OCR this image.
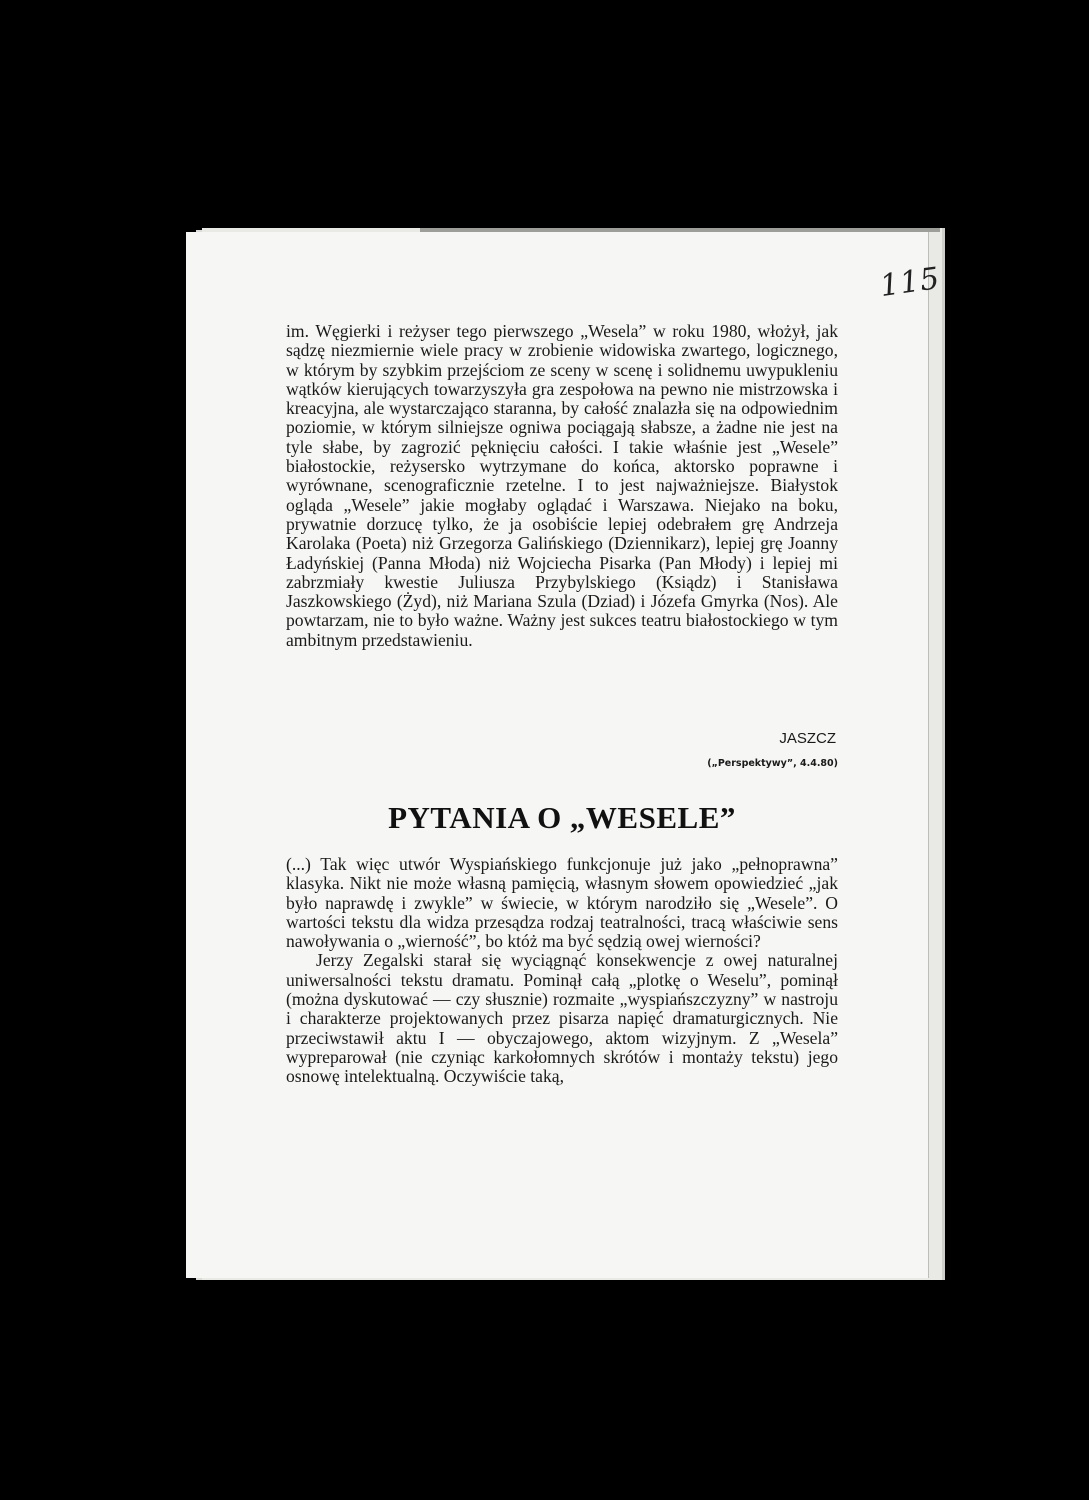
115

im. Węgierki i reżyser tego pierwszego „Wesela” w roku 1980, włożył, jak sądzę niezmiernie wiele pracy w zrobienie widowiska zwartego, logicznego, w którym by szybkim przejściom ze sceny w scenę i solidnemu uwypukleniu wątków kierujących towarzyszyła gra zespołowa na pewno nie mistrzowska i kreacyjna, ale wystarczająco staranna, by całość znalazła się na odpowiednim poziomie, w którym silniejsze ogniwa pociągają słabsze, a żadne nie jest na tyle słabe, by zagrozić pęknięciu całości. I takie właśnie jest „Wesele” białostockie, reżysersko wytrzymane do końca, aktorsko poprawne i wyrównane, scenograficznie rzetelne. I to jest najważniejsze. Białystok ogląda „Wesele” jakie mogłaby oglądać i Warszawa. Niejako na boku, prywatnie dorzucę tylko, że ja osobiście lepiej odebrałem grę Andrzeja Karolaka (Poeta) niż Grzegorza Galińskiego (Dziennikarz), lepiej grę Joanny Ładyńskiej (Panna Młoda) niż Wojciecha Pisarka (Pan Młody) i lepiej mi zabrzmiały kwestie Juliusza Przybylskiego (Ksiądz) i Stanisława Jaszkowskiego (Żyd), niż Mariana Szula (Dziad) i Józefa Gmyrka (Nos). Ale powtarzam, nie to było ważne. Ważny jest sukces teatru białostockiego w tym ambitnym przedstawieniu.

JASZCZ
(„Perspektywy”, 4.4.80)
PYTANIA O „WESELE”

(...) Tak więc utwór Wyspiańskiego funkcjonuje już jako „pełnoprawna” klasyka. Nikt nie może własną pamięcią, własnym słowem opowiedzieć „jak było naprawdę i zwykle” w świecie, w którym narodziło się „Wesele”. O wartości tekstu dla widza przesądza rodzaj teatralności, tracą właściwie sens nawoływania o „wierność”, bo któż ma być sędzią owej wierności?

Jerzy Zegalski starał się wyciągnąć konsekwencje z owej naturalnej uniwersalności tekstu dramatu. Pominął całą „plotkę o Weselu”, pominął (można dyskutować — czy słusznie) rozmaite „wyspiańszczyzny” w nastroju i charakterze projektowanych przez pisarza napięć dramaturgicznych. Nie przeciwstawił aktu I — obyczajowego, aktom wizyjnym. Z „Wesela” wypreparował (nie czyniąc karkołomnych skrótów i montaży tekstu) jego osnowę intelektualną. Oczywiście taką,
